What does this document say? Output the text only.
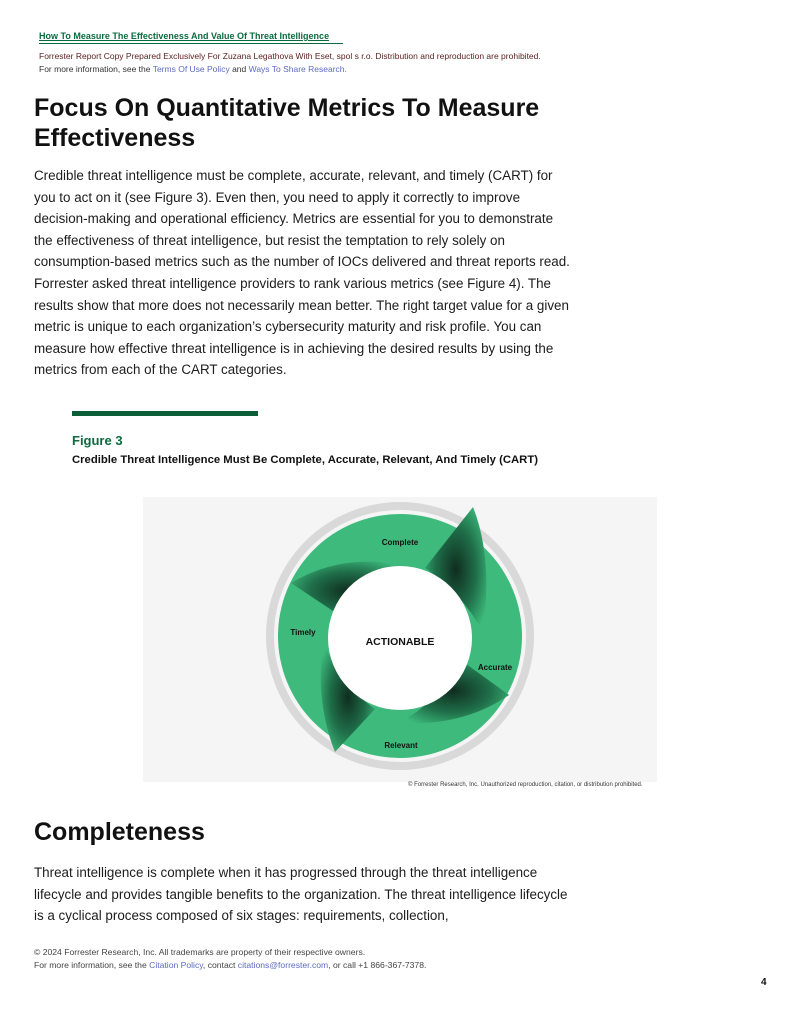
How To Measure The Effectiveness And Value Of Threat Intelligence
Forrester Report Copy Prepared Exclusively For Zuzana Legathova With Eset, spol s r.o. Distribution and reproduction are prohibited.
For more information, see the Terms Of Use Policy and Ways To Share Research.
Focus On Quantitative Metrics To Measure Effectiveness
Credible threat intelligence must be complete, accurate, relevant, and timely (CART) for you to act on it (see Figure 3). Even then, you need to apply it correctly to improve decision-making and operational efficiency. Metrics are essential for you to demonstrate the effectiveness of threat intelligence, but resist the temptation to rely solely on consumption-based metrics such as the number of IOCs delivered and threat reports read. Forrester asked threat intelligence providers to rank various metrics (see Figure 4). The results show that more does not necessarily mean better. The right target value for a given metric is unique to each organization’s cybersecurity maturity and risk profile. You can measure how effective threat intelligence is in achieving the desired results by using the metrics from each of the CART categories.
Figure 3
Credible Threat Intelligence Must Be Complete, Accurate, Relevant, And Timely (CART)
Complete
Accurate
Relevant
Timely
ACTIONABLE
© Forrester Research, Inc. Unauthorized reproduction, citation, or distribution prohibited.
Completeness
Threat intelligence is complete when it has progressed through the threat intelligence lifecycle and provides tangible benefits to the organization. The threat intelligence lifecycle is a cyclical process composed of six stages: requirements, collection,
© 2024 Forrester Research, Inc. All trademarks are property of their respective owners.
For more information, see the Citation Policy, contact citations@forrester.com, or call +1 866-367-7378.
4
